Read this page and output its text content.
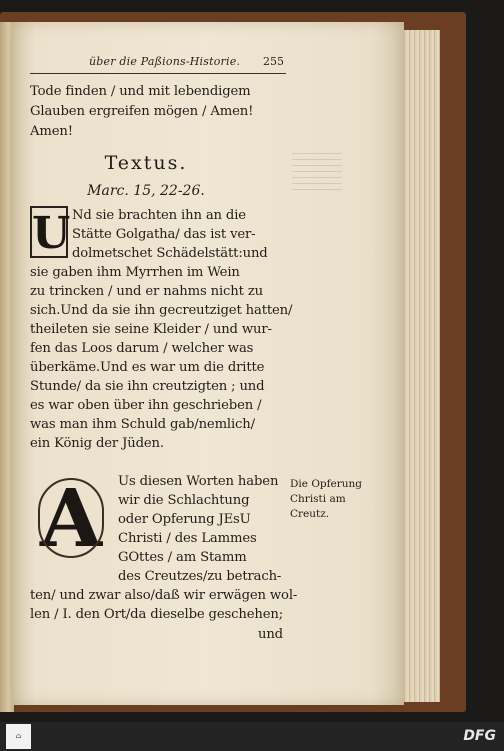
über die Paßions-Historie. 255
Tode finden / und mit lebendigem
Glauben ergreifen mögen / Amen!
Amen!
Textus.
Marc. 15, 22-26.
U Nd sie brachten ihn an die
Stätte Golgatha/ das ist ver-
dolmetschet Schädelstätt:und
sie gaben ihm Myrrhen im Wein
zu trincken / und er nahms nicht zu
sich.Und da sie ihn gecreutziget hatten/
theileten sie seine Kleider / und wur-
fen das Loos darum / welcher was
überkäme.Und es war um die dritte
Stunde/ da sie ihn creutzigten ; und
es war oben über ihn geschrieben /
was man ihm Schuld gab/nemlich/
ein König der Jüden.
A	Us diesen Worten haben
wir die Schlachtung
oder Opferung JEsU
Christi / des Lammes
GOttes / am Stamm
des Creutzes/zu betrach-
ten/ und zwar also/daß wir erwägen wol-
len / I. den Ort/da dieselbe geschehen;
und
Die Opferung
Christi am
Creutz.
⌂	DFG
